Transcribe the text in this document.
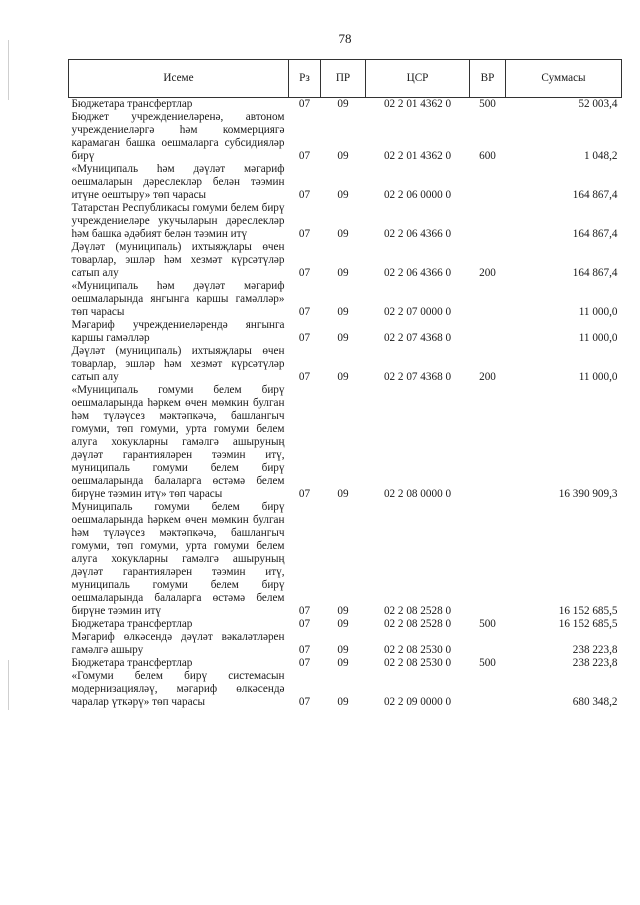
78
Исеме	Рз	ПР	ЦСР	ВР	Суммасы
Бюджетара трансфертлар	07	09	02 2 01 4362 0	500	52 003,4
Бюджет учреждениеләренә, автоном учреждениеләргә һәм коммерциягә карамаган башка оешмаларга субсидияләр бирү	07	09	02 2 01 4362 0	600	1 048,2
«Муниципаль һәм дәүләт мәгариф оешмаларын дәреслекләр белән тәэмин итүне оештыру» төп чарасы	07	09	02 2 06 0000 0		164 867,4
Татарстан Республикасы гомуми белем бирү учреждениеләре укучыларын дәреслекләр һәм башка әдәбият белән тәэмин итү	07	09	02 2 06 4366 0		164 867,4
Дәүләт (муниципаль) ихтыяҗлары өчен товарлар, эшләр һәм хезмәт күрсәтүләр сатып алу	07	09	02 2 06 4366 0	200	164 867,4
«Муниципаль һәм дәүләт мәгариф оешмаларында янгынга каршы гамәлләр» төп чарасы	07	09	02 2 07 0000 0		11 000,0
Мәгариф учреждениеләрендә янгынга каршы гамәлләр	07	09	02 2 07 4368 0		11 000,0
Дәүләт (муниципаль) ихтыяҗлары өчен товарлар, эшләр һәм хезмәт күрсәтүләр сатып алу	07	09	02 2 07 4368 0	200	11 000,0
«Муниципаль гомуми белем бирү оешмаларында һәркем өчен мөмкин булган һәм түләүсез мәктәпкәчә, башлангыч гомуми, төп гомуми, урта гомуми белем алуга хокукларны гамәлгә ашыруның дәүләт гарантияләрен тәэмин итү, муниципаль гомуми белем бирү оешмаларында балаларга өстәмә белем бирүне тәэмин итү» төп чарасы	07	09	02 2 08 0000 0		16 390 909,3
Муниципаль гомуми белем бирү оешмаларында һәркем өчен мөмкин булган һәм түләүсез мәктәпкәчә, башлангыч гомуми, төп гомуми, урта гомуми белем алуга хокукларны гамәлгә ашыруның дәүләт гарантияләрен тәэмин итү, муниципаль гомуми белем бирү оешмаларында балаларга өстәмә белем бирүне тәэмин итү	07	09	02 2 08 2528 0		16 152 685,5
Бюджетара трансфертлар	07	09	02 2 08 2528 0	500	16 152 685,5
Мәгариф өлкәсендә дәүләт вәкаләтләрен гамәлгә ашыру	07	09	02 2 08 2530 0		238 223,8
Бюджетара трансфертлар	07	09	02 2 08 2530 0	500	238 223,8
«Гомуми белем бирү системасын модернизацияләү, мәгариф өлкәсендә чаралар үткәрү» төп чарасы	07	09	02 2 09 0000 0		680 348,2
